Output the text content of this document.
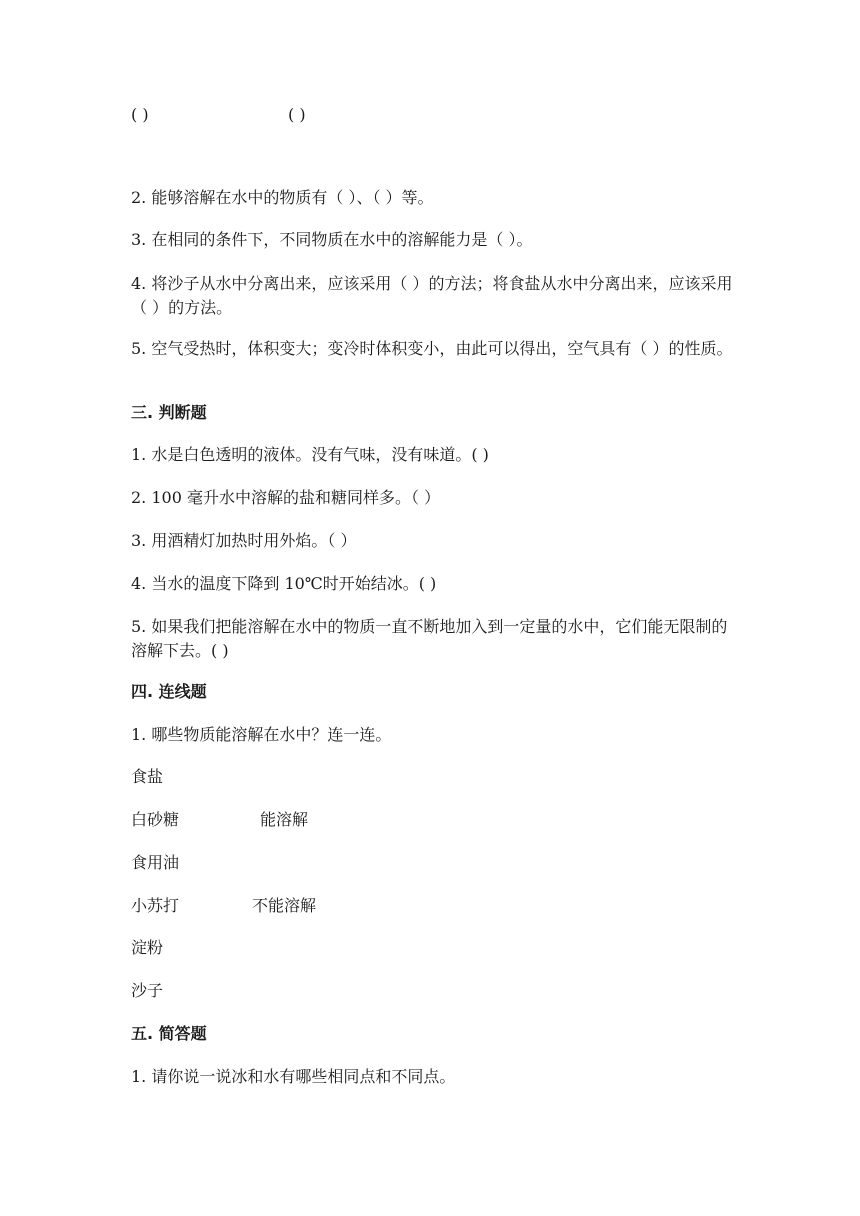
( )	( )
2. 能够溶解在水中的物质有（ ）、（ ）等。
3. 在相同的条件下，不同物质在水中的溶解能力是（ ）。
4. 将沙子从水中分离出来，应该采用（ ）的方法；将食盐从水中分离出来，应该采用（ ）的方法。
5. 空气受热时，体积变大；变冷时体积变小，由此可以得出，空气具有（ ）的性质。
三. 判断题
1. 水是白色透明的液体。没有气味，没有味道。( )
2. 100 毫升水中溶解的盐和糖同样多。（ ）
3. 用酒精灯加热时用外焰。（ ）
4. 当水的温度下降到 10℃时开始结冰。( )
5. 如果我们把能溶解在水中的物质一直不断地加入到一定量的水中，它们能无限制的溶解下去。( )
四. 连线题
1. 哪些物质能溶解在水中？连一连。
食盐
白砂糖	能溶解
食用油
小苏打	不能溶解
淀粉
沙子
五. 简答题
1. 请你说一说冰和水有哪些相同点和不同点。
